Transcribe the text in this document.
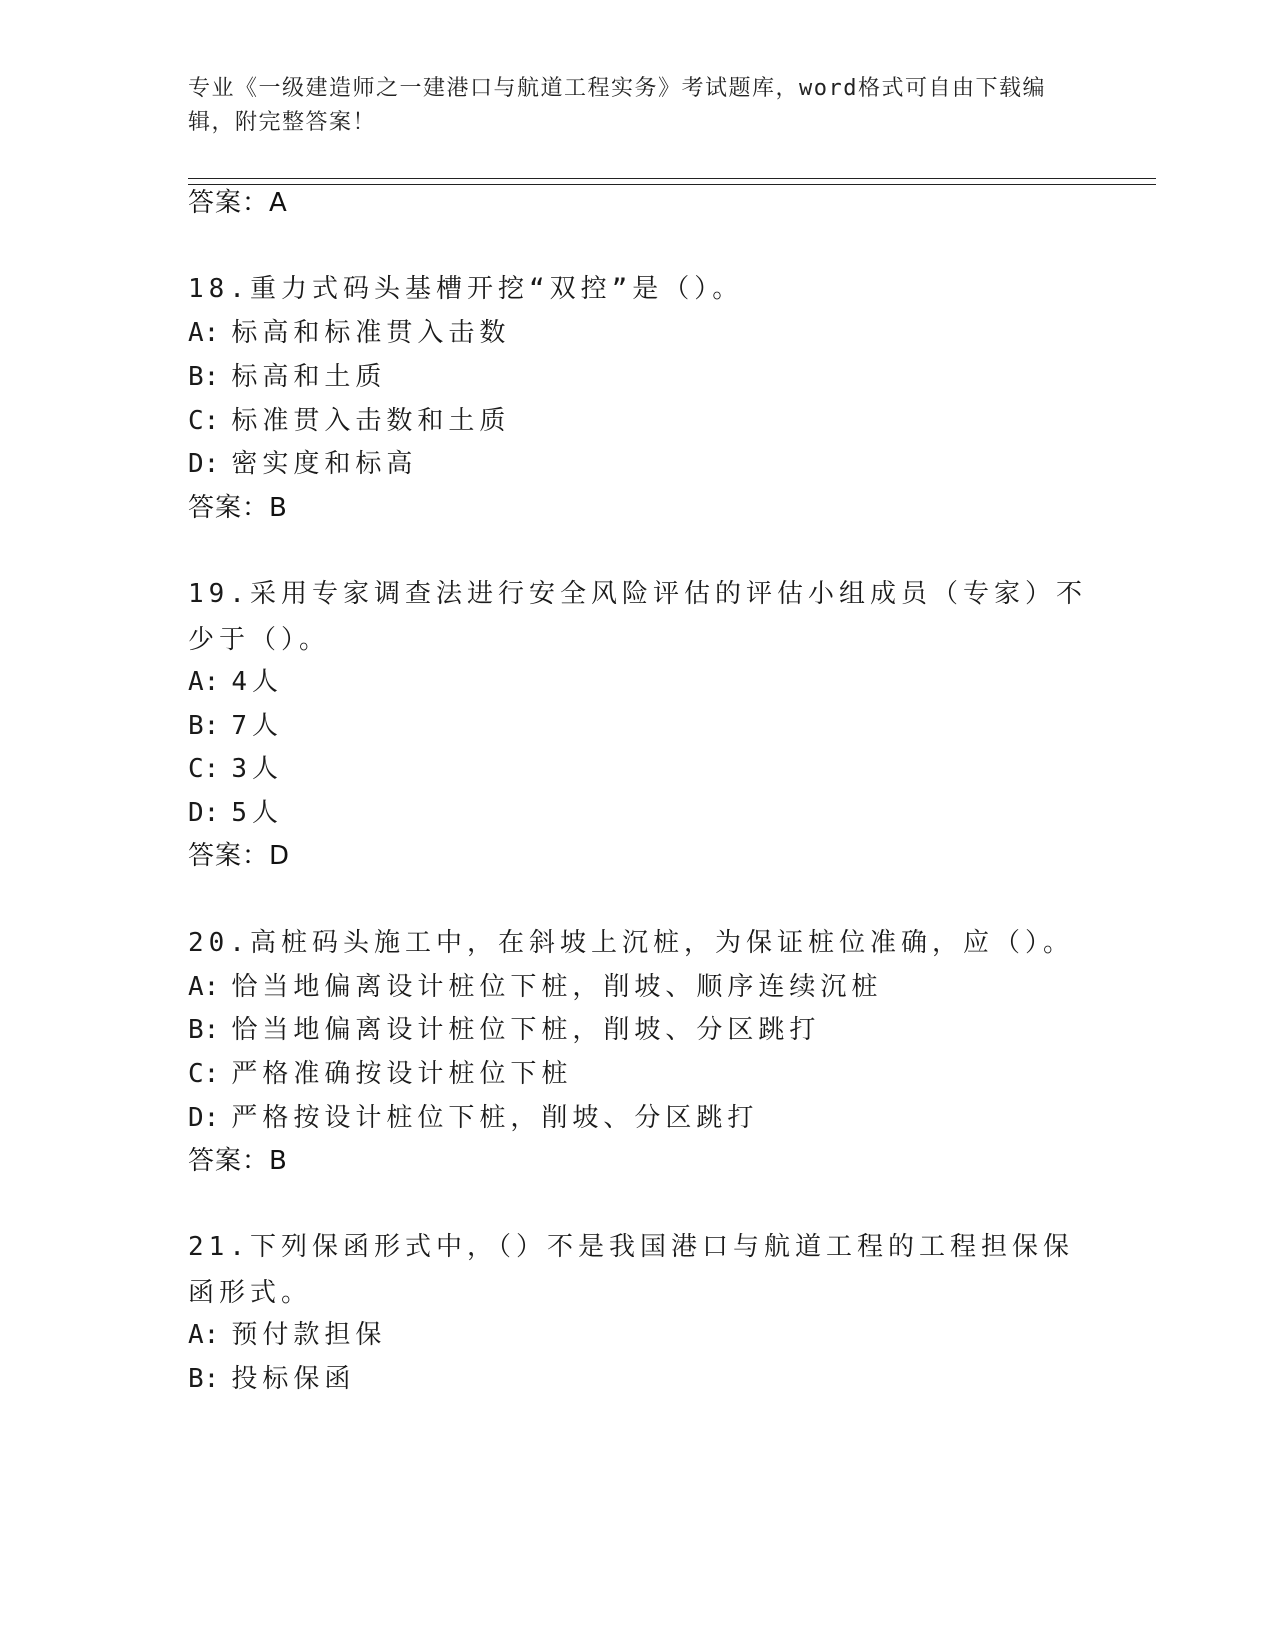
专业《一级建造师之一建港口与航道工程实务》考试题库，word格式可自由下载编辑，附完整答案！
答案：A
18.重力式码头基槽开挖“双控”是（）。
A: 标高和标准贯入击数
B: 标高和土质
C: 标准贯入击数和土质
D: 密实度和标高
答案：B
19.采用专家调查法进行安全风险评估的评估小组成员（专家）不少于（）。
A: 4人
B: 7人
C: 3人
D: 5人
答案：D
20.高桩码头施工中，在斜坡上沉桩，为保证桩位准确，应（）。
A: 恰当地偏离设计桩位下桩，削坡、顺序连续沉桩
B: 恰当地偏离设计桩位下桩，削坡、分区跳打
C: 严格准确按设计桩位下桩
D: 严格按设计桩位下桩，削坡、分区跳打
答案：B
21.下列保函形式中，（）不是我国港口与航道工程的工程担保保函形式。
A: 预付款担保
B: 投标保函
